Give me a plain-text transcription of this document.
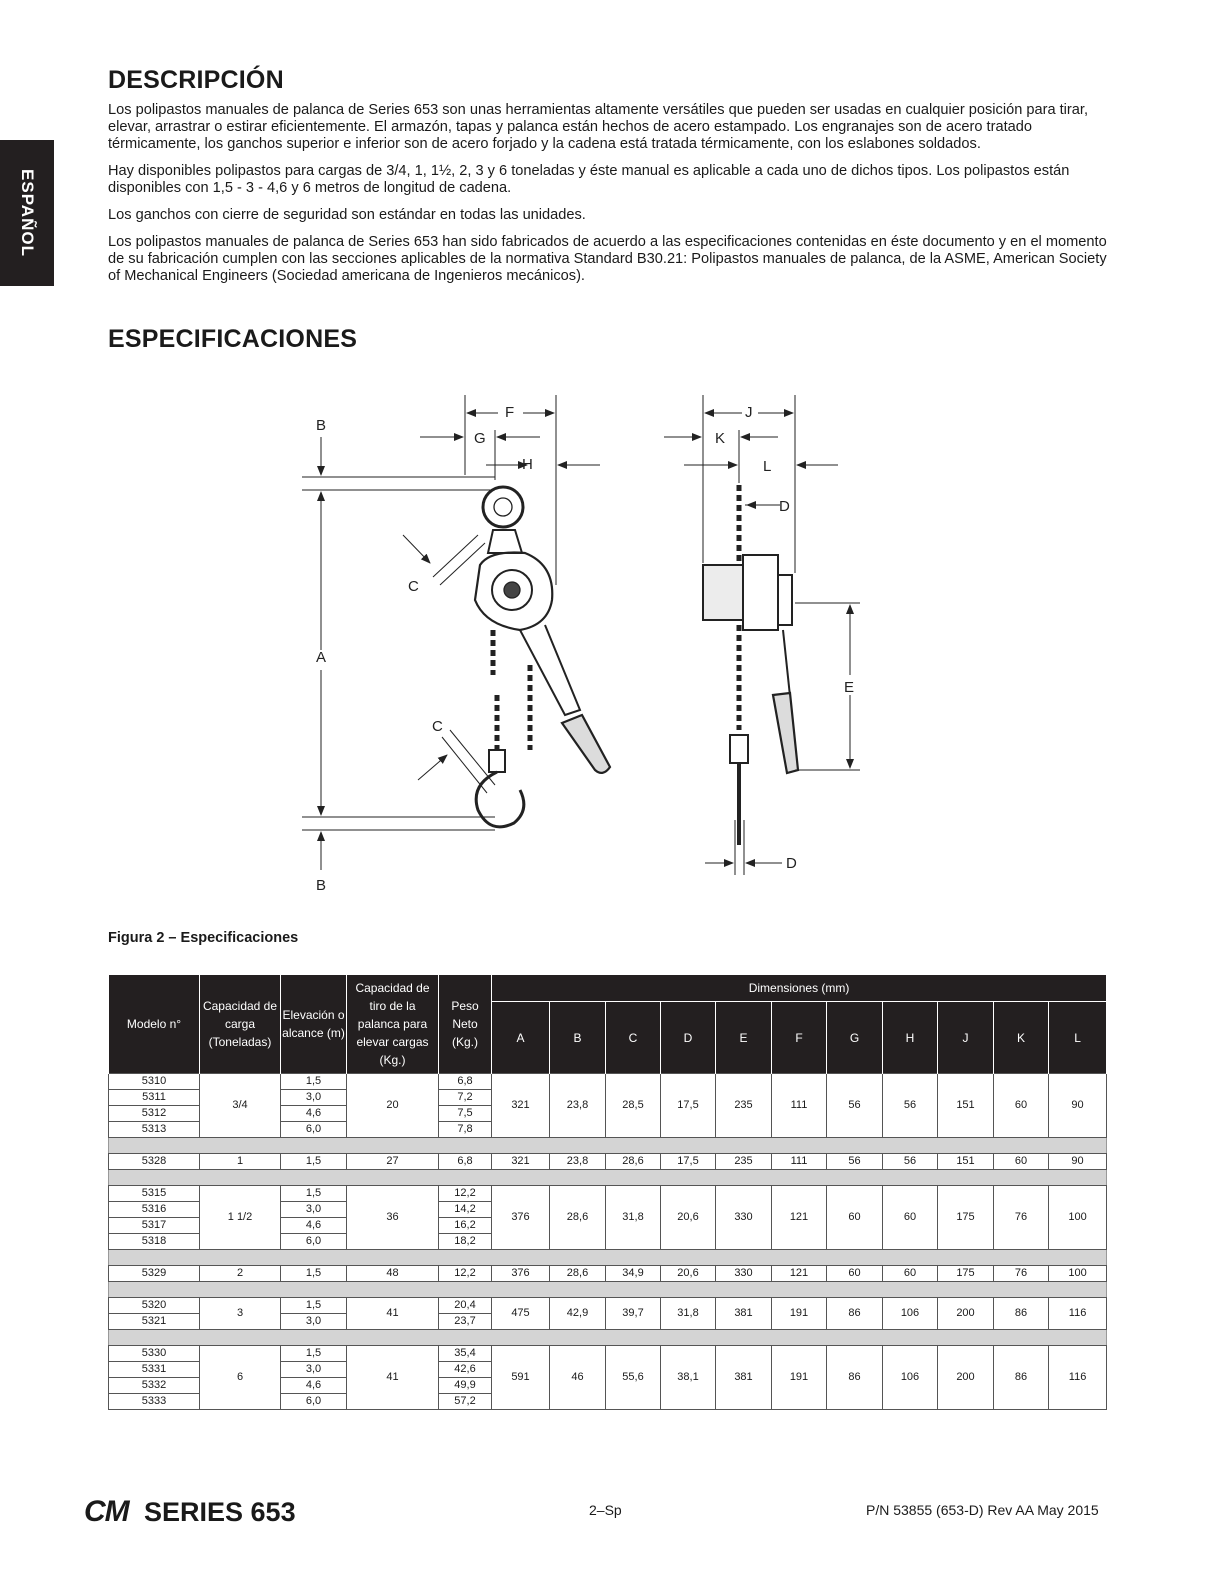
ESPAÑOL
DESCRIPCIÓN

Los polipastos manuales de palanca de Series 653 son unas herramientas altamente versátiles que pueden ser usadas en cualquier posición para tirar, elevar, arrastrar o estirar eficientemente. El armazón, tapas y palanca están hechos de acero estampado. Los engranajes son de acero tratado térmicamente, los ganchos superior e inferior son de acero forjado y la cadena está tratada térmicamente, con los eslabones soldados.

Hay disponibles polipastos para cargas de 3/4, 1, 1½, 2, 3 y 6 toneladas y éste manual es aplicable a cada uno de dichos tipos. Los polipastos están disponibles con 1,5 - 3 - 4,6 y 6 metros de longitud de cadena.

Los ganchos con cierre de seguridad son estándar en todas las unidades.

Los polipastos manuales de palanca de Series 653 han sido fabricados de acuerdo a las especificaciones contenidas en éste documento y en el momento de su fabricación cumplen con las secciones aplicables de la normativa Standard B30.21: Polipastos manuales de palanca, de la ASME, American Society of Mechanical Engineers (Sociedad americana de Ingenieros mecánicos).

ESPECIFICACIONES
B
A
B
F
G
H
C
C
J
K
L
D
E
D
Figura 2 – Especificaciones
Modelo n°	Capacidad de carga (Toneladas)	Elevación o alcance (m)	Capacidad de tiro de la palanca para elevar cargas (Kg.)	Peso Neto (Kg.)	Dimensiones (mm)										
					A	B	C	D	E	F	G	H	J	K	L
5310	3/4	1,5	20	6,8	321	23,8	28,5	17,5	235	111	56	56	151	60	90
5311		3,0		7,2											
5312		4,6		7,5											
5313		6,0		7,8											

5328	1	1,5	27	6,8	321	23,8	28,6	17,5	235	111	56	56	151	60	90

5315	1 1/2	1,5	36	12,2	376	28,6	31,8	20,6	330	121	60	60	175	76	100
5316		3,0		14,2											
5317		4,6		16,2											
5318		6,0		18,2											

5329	2	1,5	48	12,2	376	28,6	34,9	20,6	330	121	60	60	175	76	100

5320	3	1,5	41	20,4	475	42,9	39,7	31,8	381	191	86	106	200	86	116
5321		3,0		23,7											

5330	6	1,5	41	35,4	591	46	55,6	38,1	381	191	86	106	200	86	116
5331		3,0		42,6											
5332		4,6		49,9											
5333		6,0		57,2											
CM SERIES 653	2–Sp	P/N 53855 (653-D) Rev AA May 2015
